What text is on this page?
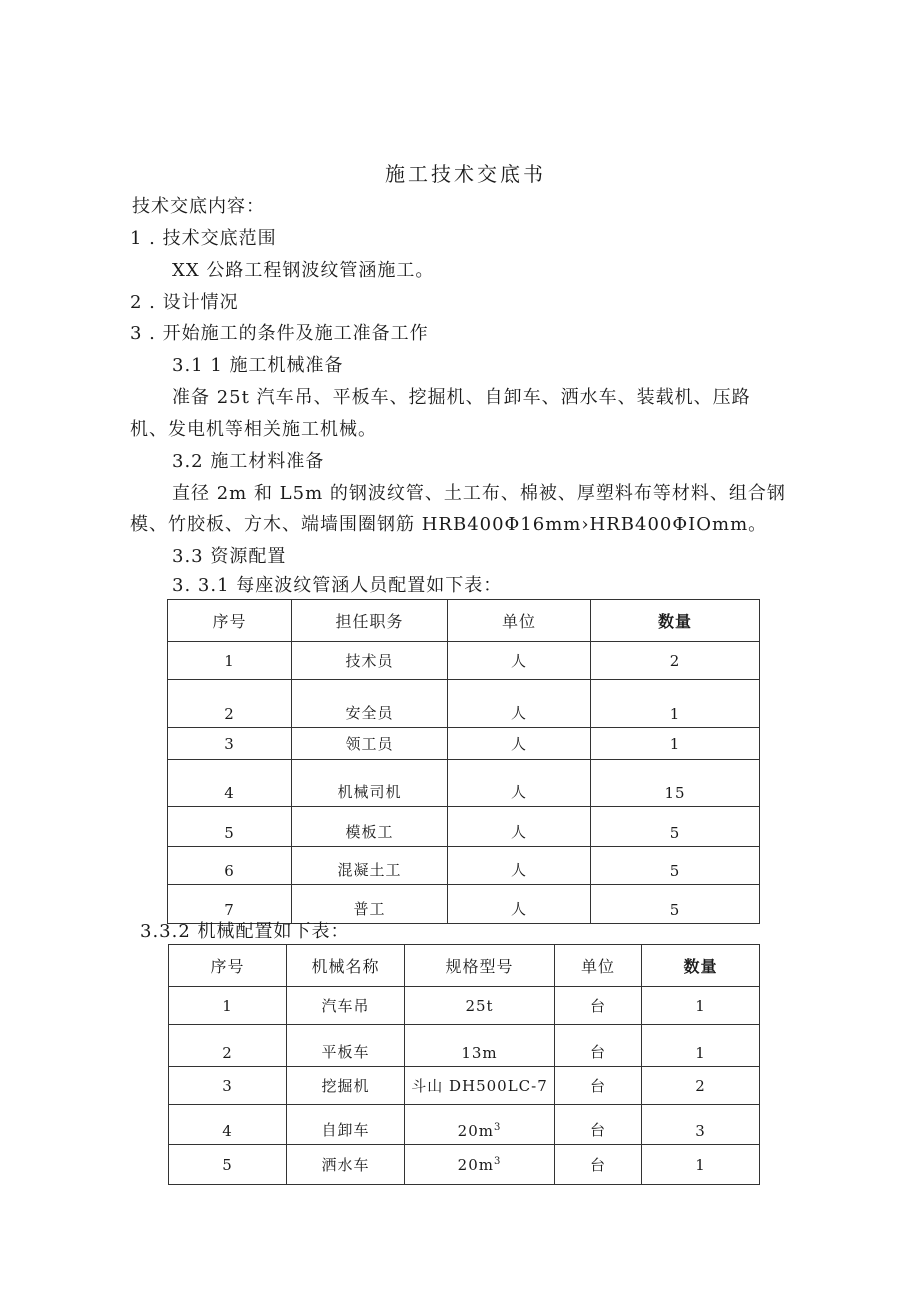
施工技术交底书
技术交底内容：
1 . 技术交底范围
XX 公路工程钢波纹管涵施工。
2 . 设计情况
3 . 开始施工的条件及施工准备工作
3.1 1 施工机械准备
准备 25t 汽车吊、平板车、挖掘机、自卸车、洒水车、装载机、压路
机、发电机等相关施工机械。
3.2 施工材料准备
直径 2m 和 L5m 的钢波纹管、土工布、棉被、厚塑料布等材料、组合钢
模、竹胶板、方木、端墙围圈钢筋 HRB400Φ16mm›HRB400ΦIOmm。
3.3 资源配置
3. 3.1 每座波纹管涵人员配置如下表：
序号	担任职务	单位	数量
1	技术员	人	2
2	安全员	人	1
3	领工员	人	1
4	机械司机	人	15
5	模板工	人	5
6	混凝土工	人	5
7	普工	人	5
3.3.2 机械配置如下表：
序号	机械名称	规格型号	单位	数量
1	汽车吊	25t	台	1
2	平板车	13m	台	1
3	挖掘机	斗山 DH500LC-7	台	2
4	自卸车	$20m^3$	台	3
5	洒水车	$20m^3$	台	1
